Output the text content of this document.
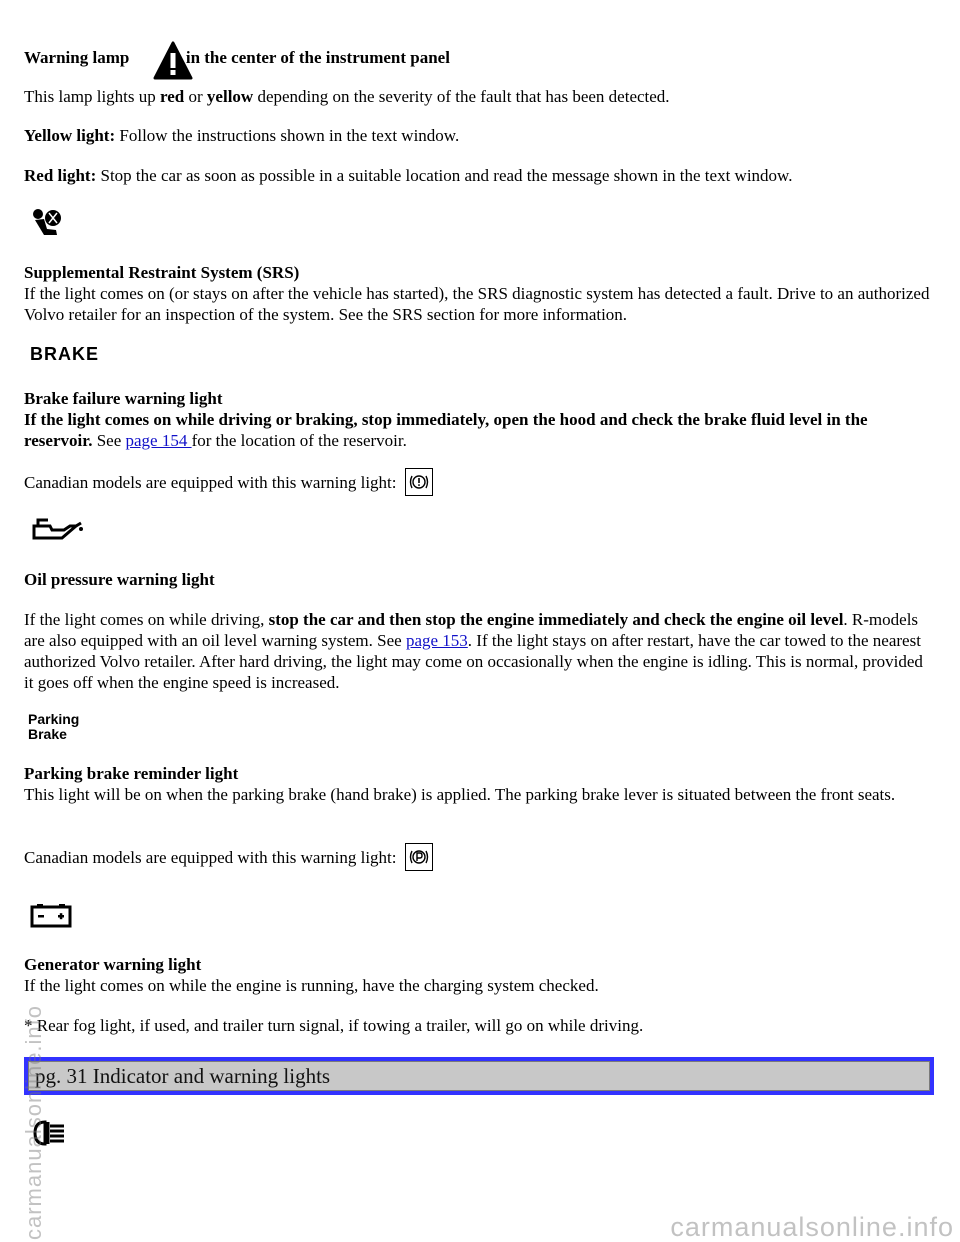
Warning lamp	in the center of the instrument panel

This lamp lights up red or yellow depending on the severity of the fault that has been detected.

Yellow light: Follow the instructions shown in the text window.

Red light: Stop the car as soon as possible in a suitable location and read the message shown in the text window.

Supplemental Restraint System (SRS)
If the light comes on (or stays on after the vehicle has started), the SRS diagnostic system has detected a fault. Drive to an authorized Volvo retailer for an inspection of the system. See the SRS section for more information.

BRAKE

Brake failure warning light
If the light comes on while driving or braking, stop immediately, open the hood and check the brake fluid level in the reservoir. See page 154 for the location of the reservoir.

Canadian models are equipped with this warning light:

Oil pressure warning light

If the light comes on while driving, stop the car and then stop the engine immediately and check the engine oil level. R-models are also equipped with an oil level warning system. See page 153. If the light stays on after restart, have the car towed to the nearest authorized Volvo retailer. After hard driving, the light may come on occasionally when the engine is idling. This is normal, provided it goes off when the engine speed is increased.

Parking
Brake

Parking brake reminder light
This light will be on when the parking brake (hand brake) is applied. The parking brake lever is situated between the front seats.

Canadian models are equipped with this warning light:

Generator warning light
If the light comes on while the engine is running, have the charging system checked.

* Rear fog light, if used, and trailer turn signal, if towing a trailer, will go on while driving.

pg. 31 Indicator and warning lights
carmanualsonline.info	carmanualsonline.info
